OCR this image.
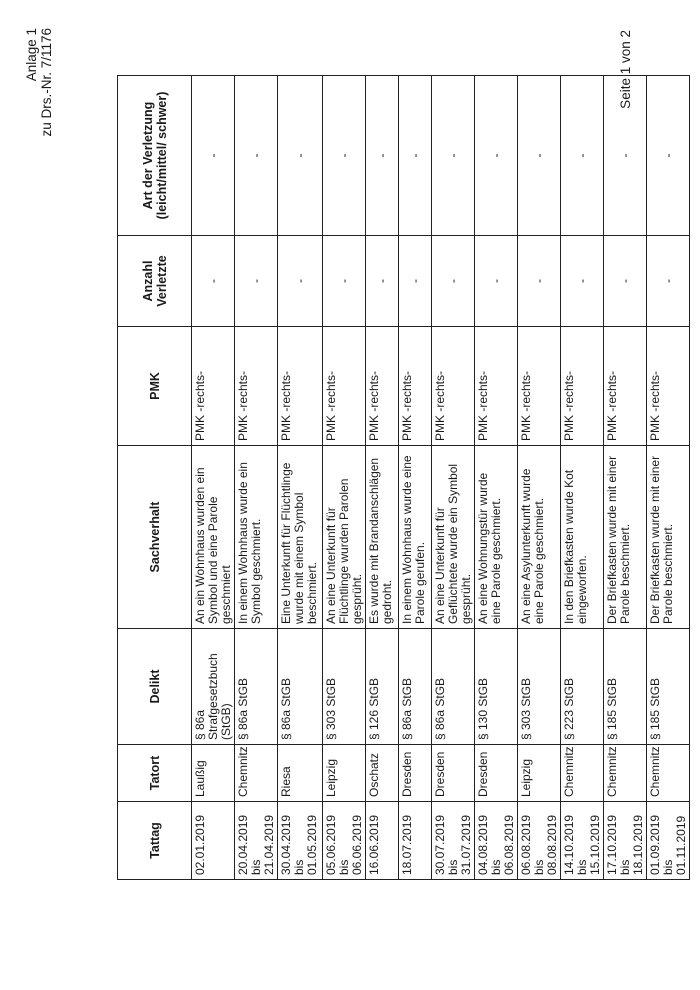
Anlage 1 zu Drs.-Nr. 7/1176
Tattag	Tatort	Delikt	Sachverhalt	PMK	Anzahl Verletzte	Art der Verletzung (leicht/mittel/ schwer)
02.01.2019	Laußig	§ 86a Strafgesetzbuch (StGB)	An ein Wohnhaus wurden ein Symbol und eine Parole geschmiert	PMK -rechts-	-	-
20.04.2019 bis 21.04.2019	Chemnitz	§ 86a StGB	In einem Wohnhaus wurde ein Symbol geschmiert.	PMK -rechts-	-	-
30.04.2019 bis 01.05.2019	Riesa	§ 86a StGB	Eine Unterkunft für Flüchtlinge wurde mit einem Symbol beschmiert.	PMK -rechts-	-	-
05.06.2019 bis 06.06.2019	Leipzig	§ 303 StGB	An eine Unterkunft für Flüchtlinge wurden Parolen gesprüht.	PMK -rechts-	-	-
16.06.2019	Oschatz	§ 126 StGB	Es wurde mit Brandanschlägen gedroht.	PMK -rechts-	-	-
18.07.2019	Dresden	§ 86a StGB	In einem Wohnhaus wurde eine Parole gerufen.	PMK -rechts-	-	-
30.07.2019 bis 31.07.2019	Dresden	§ 86a StGB	An eine Unterkunft für Geflüchtete wurde ein Symbol gesprüht.	PMK -rechts-	-	-
04.08.2019 bis 06.08.2019	Dresden	§ 130 StGB	An eine Wohnungstür wurde eine Parole geschmiert.	PMK -rechts-	-	-
06.08.2019 bis 08.08.2019	Leipzig	§ 303 StGB	An eine Asylunterkunft wurde eine Parole geschmiert.	PMK -rechts-	-	-
14.10.2019 bis 15.10.2019	Chemnitz	§ 223 StGB	In den Briefkasten wurde Kot eingeworfen.	PMK -rechts-	-	-
17.10.2019 bis 18.10.2019	Chemnitz	§ 185 StGB	Der Briefkasten wurde mit einer Parole beschmiert.	PMK -rechts-	-	-
01.09.2019 bis 01.11.2019	Chemnitz	§ 185 StGB	Der Briefkasten wurde mit einer Parole beschmiert.	PMK -rechts-	-	-
Seite 1 von 2
